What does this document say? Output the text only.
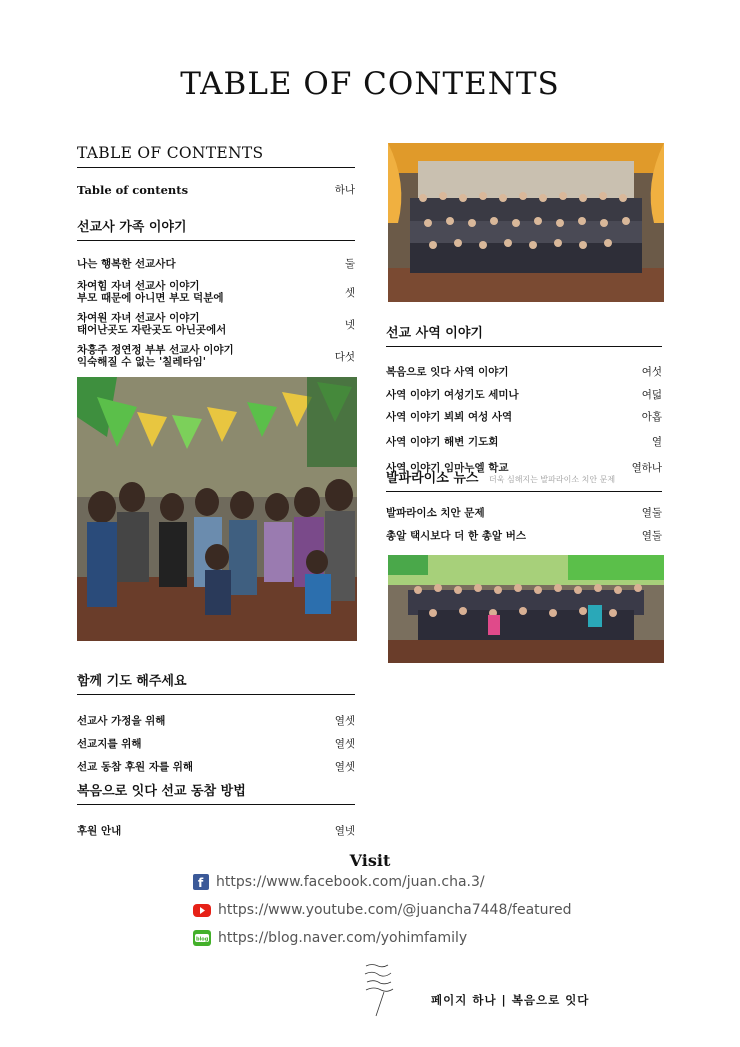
TABLE OF CONTENTS
TABLE OF CONTENTS
Table of contents	하나
선교사 가족 이야기
나는 행복한 선교사다	둘
차여힘 자녀 선교사 이야기
부모 때문에 아니면 부모 덕분에	셋
차여원 자녀 선교사 이야기
태어난곳도 자란곳도 아닌곳에서	넷
차흥주 정연정 부부 선교사 이야기
익숙해질 수 없는 '칠레타임'	다섯
함께 기도 해주세요
선교사 가정을 위해	열셋
선교지를 위해	열셋
선교 동참 후원 자를 위해	열셋
복음으로 잇다 선교 동참 방법
후원 안내	열넷
선교 사역 이야기
복음으로 잇다 사역 이야기	여섯
사역 이야기 여성기도 세미나	여덟
사역 이야기 뵈뵈 여성 사역	아홉
사역 이야기 해변 기도회	열
사역 이야기 임마누엘 학교	열하나
발파라이소 뉴스 더욱 심해지는 발파라이소 치안 문제
발파라이소 치안 문제	열둘
총알 택시보다 더 한 총알 버스	열둘
Visit
f https://www.facebook.com/juan.cha.3/
https://www.youtube.com/@juancha7448/featured
blog https://blog.naver.com/yohimfamily
페이지 하나 | 복음으로 잇다
